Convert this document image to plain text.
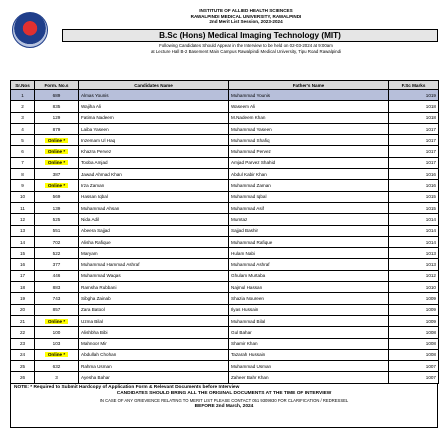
INSTITUTE OF ALLIED HEALTH SCIENCES
RAWALPINDI MEDICAL UNIVERSITY, RAWALPINDI
2nd Merit List Session, 2023-2024
B.Sc (Hons) Medical Imaging Technology (MIT)
Following Candidates Should Appear in the Interview to be held on 02-03-2024 at 9:00am
at Lecture Hall B-2 Basement Main Campus Rawalpindi Medical University, Tipu Road Rawalpindi
Sr.Nos	Form. No.s	Candidates Name	Father's Name	F.Sc Marks
1	689	Almas Younis	Muhammad Younis	1019
2	835	Wajiha Ali	Waseem Ali	1018
3	129	Fatima Nadeem	M.Nadeem Khan	1018
4	879	Laiba Yaseen	Muhammad Yaseen	1017
5	Online *	Inzemam Ul Haq	Muhammad Shafiq	1017
6	Online *	Khazra Pervez	Muhammad Pervez	1017
7	Online *	Tooba Amjad	Amjad Parvez Shahid	1017
8	387	Jawad Ahmad Khan	Abdul Kabir Khan	1016
9	Online *	Irza Zaman	Muhammad Zaman	1016
10	569	Hassan Iqbal	Muhammad Iqbal	1015
11	139	Muhammad Ahsan	Muhammad Asif	1015
12	525	Nida Adil	Mumtaz	1014
13	551	Abeera Sajjad	Sajjad Bashir	1014
14	702	Alisha Rafique	Muhammad Rafique	1014
15	522	Maryam	Hulam Nabi	1013
16	377	Muhammad Hammad Ashraf	Muhammad Ashraf	1013
17	446	Muhammad Waqas	Ghulam Murtaba	1012
18	883	Ramsha Rubbani	Najmul Hassan	1010
19	743	Sibgha Zainab	Shazia Noureen	1009
20	857	Zara Batool	Ilyas Hussain	1009
21	Online *	Uzma Bilal	Muhammad Bilal	1009
22	100	Alishbha Bibi	Gul Bahar	1008
23	103	Mahnoor Mir	Shamir Khan	1008
24	Online *	Abdullah Chohan	Tazarah Hussain	1008
25	632	Rahma Usman	Muhammad Usman	1007
26	3	Ayesha Bahar	Zaheer Bahr Khan	1007
NOTE: * Required to Submit Hardcopy of Application Form & Relevant Documents before Interview
CANDIDATES SHOULD BRING ALL THE ORIGINAL DOCUMENTS AT THE TIME OF INTERVIEW
IN CASE OF ANY GRIEVIENCE RELATING TO MERIT LIST PLEASE CONTACT 051 9309930 FOR CLARIFICATION / REDRESSEL
BEFORE 2nd March, 2024
